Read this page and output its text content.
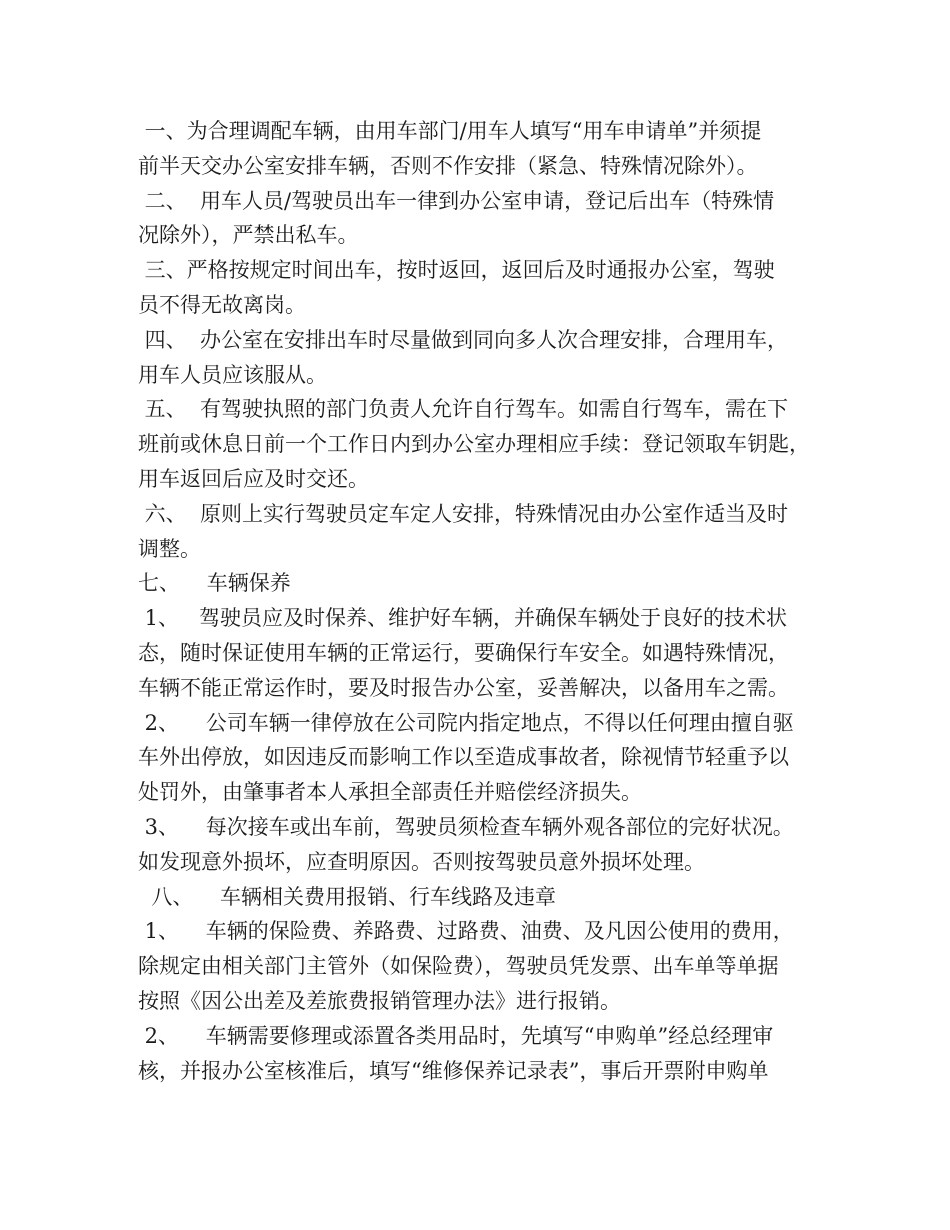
一、为合理调配车辆，由用车部门/用车人填写“用车申请单”并须提
前半天交办公室安排车辆，否则不作安排（紧急、特殊情况除外）。
二、  用车人员/驾驶员出车一律到办公室申请，登记后出车（特殊情
况除外），严禁出私车。
三、严格按规定时间出车，按时返回，返回后及时通报办公室，驾驶
员不得无故离岗。
四、  办公室在安排出车时尽量做到同向多人次合理安排，合理用车，
用车人员应该服从。
五、  有驾驶执照的部门负责人允许自行驾车。如需自行驾车，需在下
班前或休息日前一个工作日内到办公室办理相应手续：登记领取车钥匙，
用车返回后应及时交还。
六、  原则上实行驾驶员定车定人安排，特殊情况由办公室作适当及时
调整。
七、    车辆保养
1、   驾驶员应及时保养、维护好车辆，并确保车辆处于良好的技术状
态，随时保证使用车辆的正常运行，要确保行车安全。如遇特殊情况，
车辆不能正常运作时，要及时报告办公室，妥善解决，以备用车之需。
2、    公司车辆一律停放在公司院内指定地点，不得以任何理由擅自驱
车外出停放，如因违反而影响工作以至造成事故者，除视情节轻重予以
处罚外，由肇事者本人承担全部责任并赔偿经济损失。
3、    每次接车或出车前，驾驶员须检查车辆外观各部位的完好状况。
如发现意外损坏，应查明原因。否则按驾驶员意外损坏处理。
八、    车辆相关费用报销、行车线路及违章
1、    车辆的保险费、养路费、过路费、油费、及凡因公使用的费用，
除规定由相关部门主管外（如保险费），驾驶员凭发票、出车单等单据
按照《因公出差及差旅费报销管理办法》进行报销。
2、    车辆需要修理或添置各类用品时，先填写“申购单”经总经理审
核，并报办公室核准后，填写“维修保养记录表”，事后开票附申购单
